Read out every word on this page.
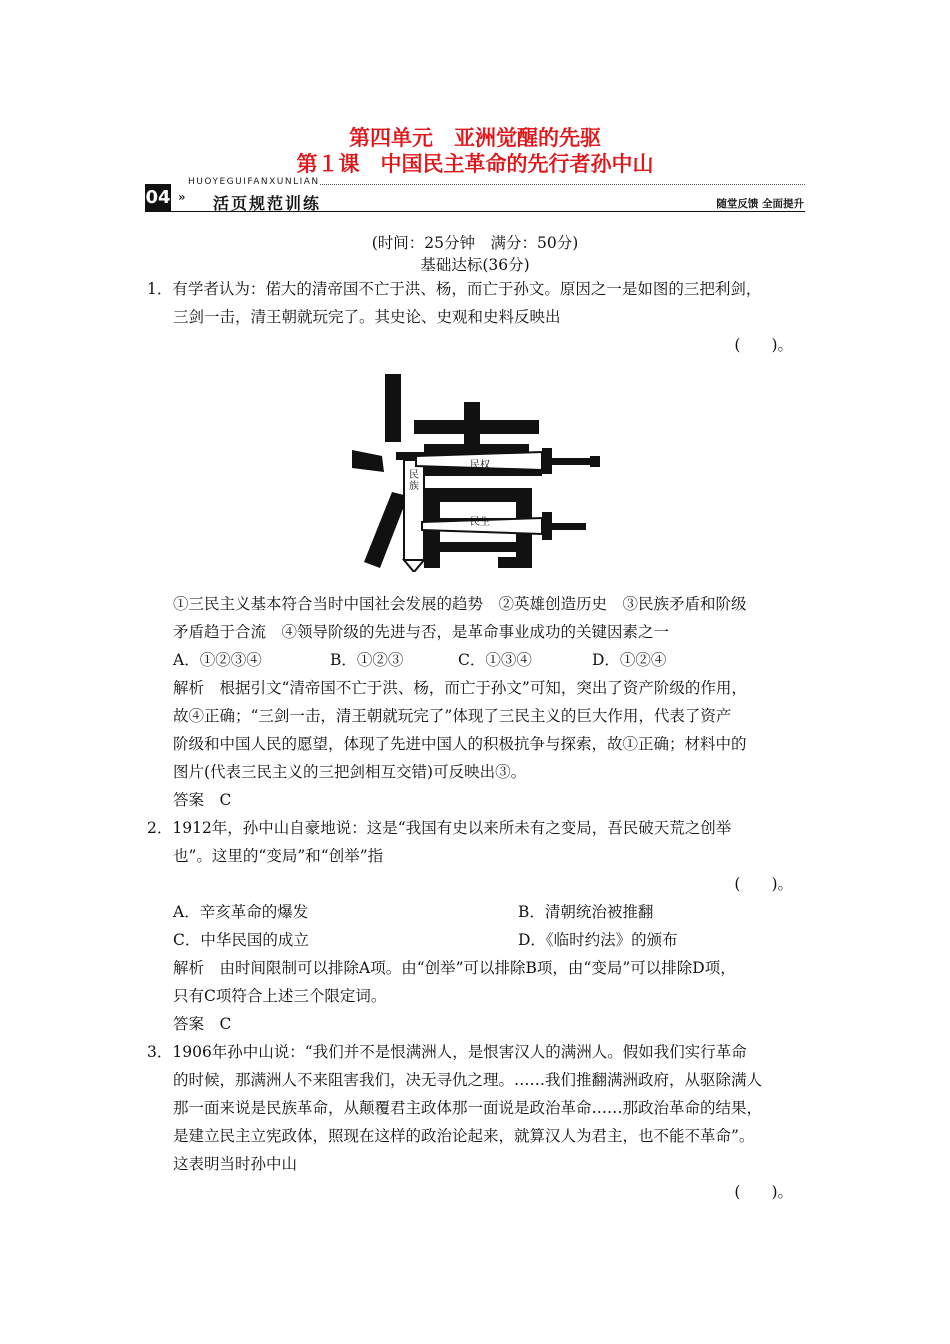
第四单元　亚洲觉醒的先驱
第１课　中国民主革命的先行者孙中山
04 »
HUOYEGUIFANXUNLIAN
活页规范训练	随堂反馈 全面提升
(时间：25分钟　满分：50分)
基础达标(36分)
1．有学者认为：偌大的清帝国不亡于洪、杨，而亡于孙文。原因之一是如图的三把利剑，
三剑一击，清王朝就玩完了。其史论、史观和史料反映出
(　　)。
民族
民权
民生
①三民主义基本符合当时中国社会发展的趋势　②英雄创造历史　③民族矛盾和阶级
矛盾趋于合流　④领导阶级的先进与否，是革命事业成功的关键因素之一
A．①②③④	B．①②③	C．①③④	D．①②④
解析　根据引文“清帝国不亡于洪、杨，而亡于孙文”可知，突出了资产阶级的作用，
故④正确；“三剑一击，清王朝就玩完了”体现了三民主义的巨大作用，代表了资产
阶级和中国人民的愿望，体现了先进中国人的积极抗争与探索，故①正确；材料中的
图片(代表三民主义的三把剑相互交错)可反映出③。
答案　C
2．1912年，孙中山自豪地说：这是“我国有史以来所未有之变局，吾民破天荒之创举
也”。这里的“变局”和“创举”指
(　　)。
A．辛亥革命的爆发	B．清朝统治被推翻
C．中华民国的成立	D．《临时约法》的颁布
解析　由时间限制可以排除A项。由“创举”可以排除B项，由“变局”可以排除D项，
只有C项符合上述三个限定词。
答案　C
3．1906年孙中山说：“我们并不是恨满洲人，是恨害汉人的满洲人。假如我们实行革命
的时候，那满洲人不来阻害我们，决无寻仇之理。……我们推翻满洲政府，从驱除满人
那一面来说是民族革命，从颠覆君主政体那一面说是政治革命……那政治革命的结果，
是建立民主立宪政体，照现在这样的政治论起来，就算汉人为君主，也不能不革命”。
这表明当时孙中山
(　　)。
